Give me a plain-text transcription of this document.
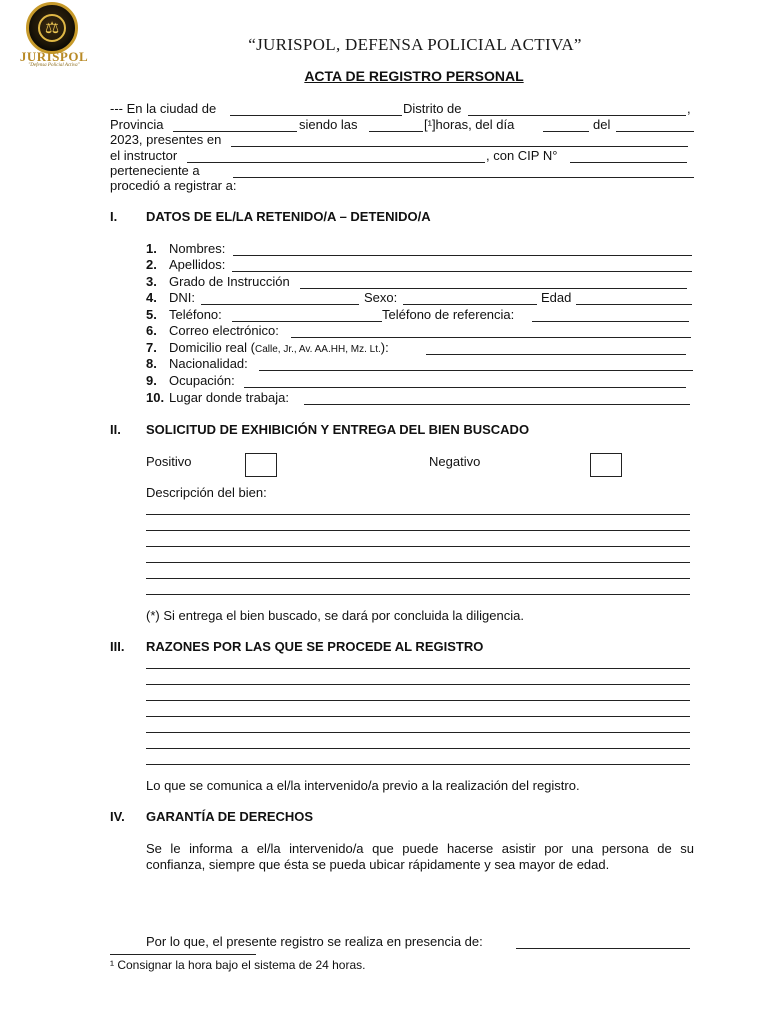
⚖
JURISPOL
"Defensa Policial Activa"
“JURISPOL, DEFENSA POLICIAL ACTIVA”
ACTA DE REGISTRO PERSONAL
--- En la ciudad de	Distrito de	,
Provincia	siendo las	[¹]horas, del día	del
2023, presentes en
el instructor	, con CIP N°
perteneciente a
procedió a registrar a:
I. DATOS DE EL/LA RETENIDO/A – DETENIDO/A
1. Nombres:
2. Apellidos:
3. Grado de Instrucción
4. DNI:	Sexo:	Edad
5. Teléfono:	Teléfono de referencia:
6. Correo electrónico:
7. Domicilio real (Calle, Jr., Av. AA.HH, Mz. Lt.):
8. Nacionalidad:
9. Ocupación:
10. Lugar donde trabaja:
II. SOLICITUD DE EXHIBICIÓN Y ENTREGA DEL BIEN BUSCADO
Positivo	Negativo
Descripción del bien:
(*) Si entrega el bien buscado, se dará por concluida la diligencia.
III. RAZONES POR LAS QUE SE PROCEDE AL REGISTRO
Lo que se comunica a el/la intervenido/a previo a la realización del registro.
IV. GARANTÍA DE DERECHOS
Se le informa a el/la intervenido/a que puede hacerse asistir por una persona de su
confianza, siempre que ésta se pueda ubicar rápidamente y sea mayor de edad.
Por lo que, el presente registro se realiza en presencia de:
¹ Consignar la hora bajo el sistema de 24 horas.
